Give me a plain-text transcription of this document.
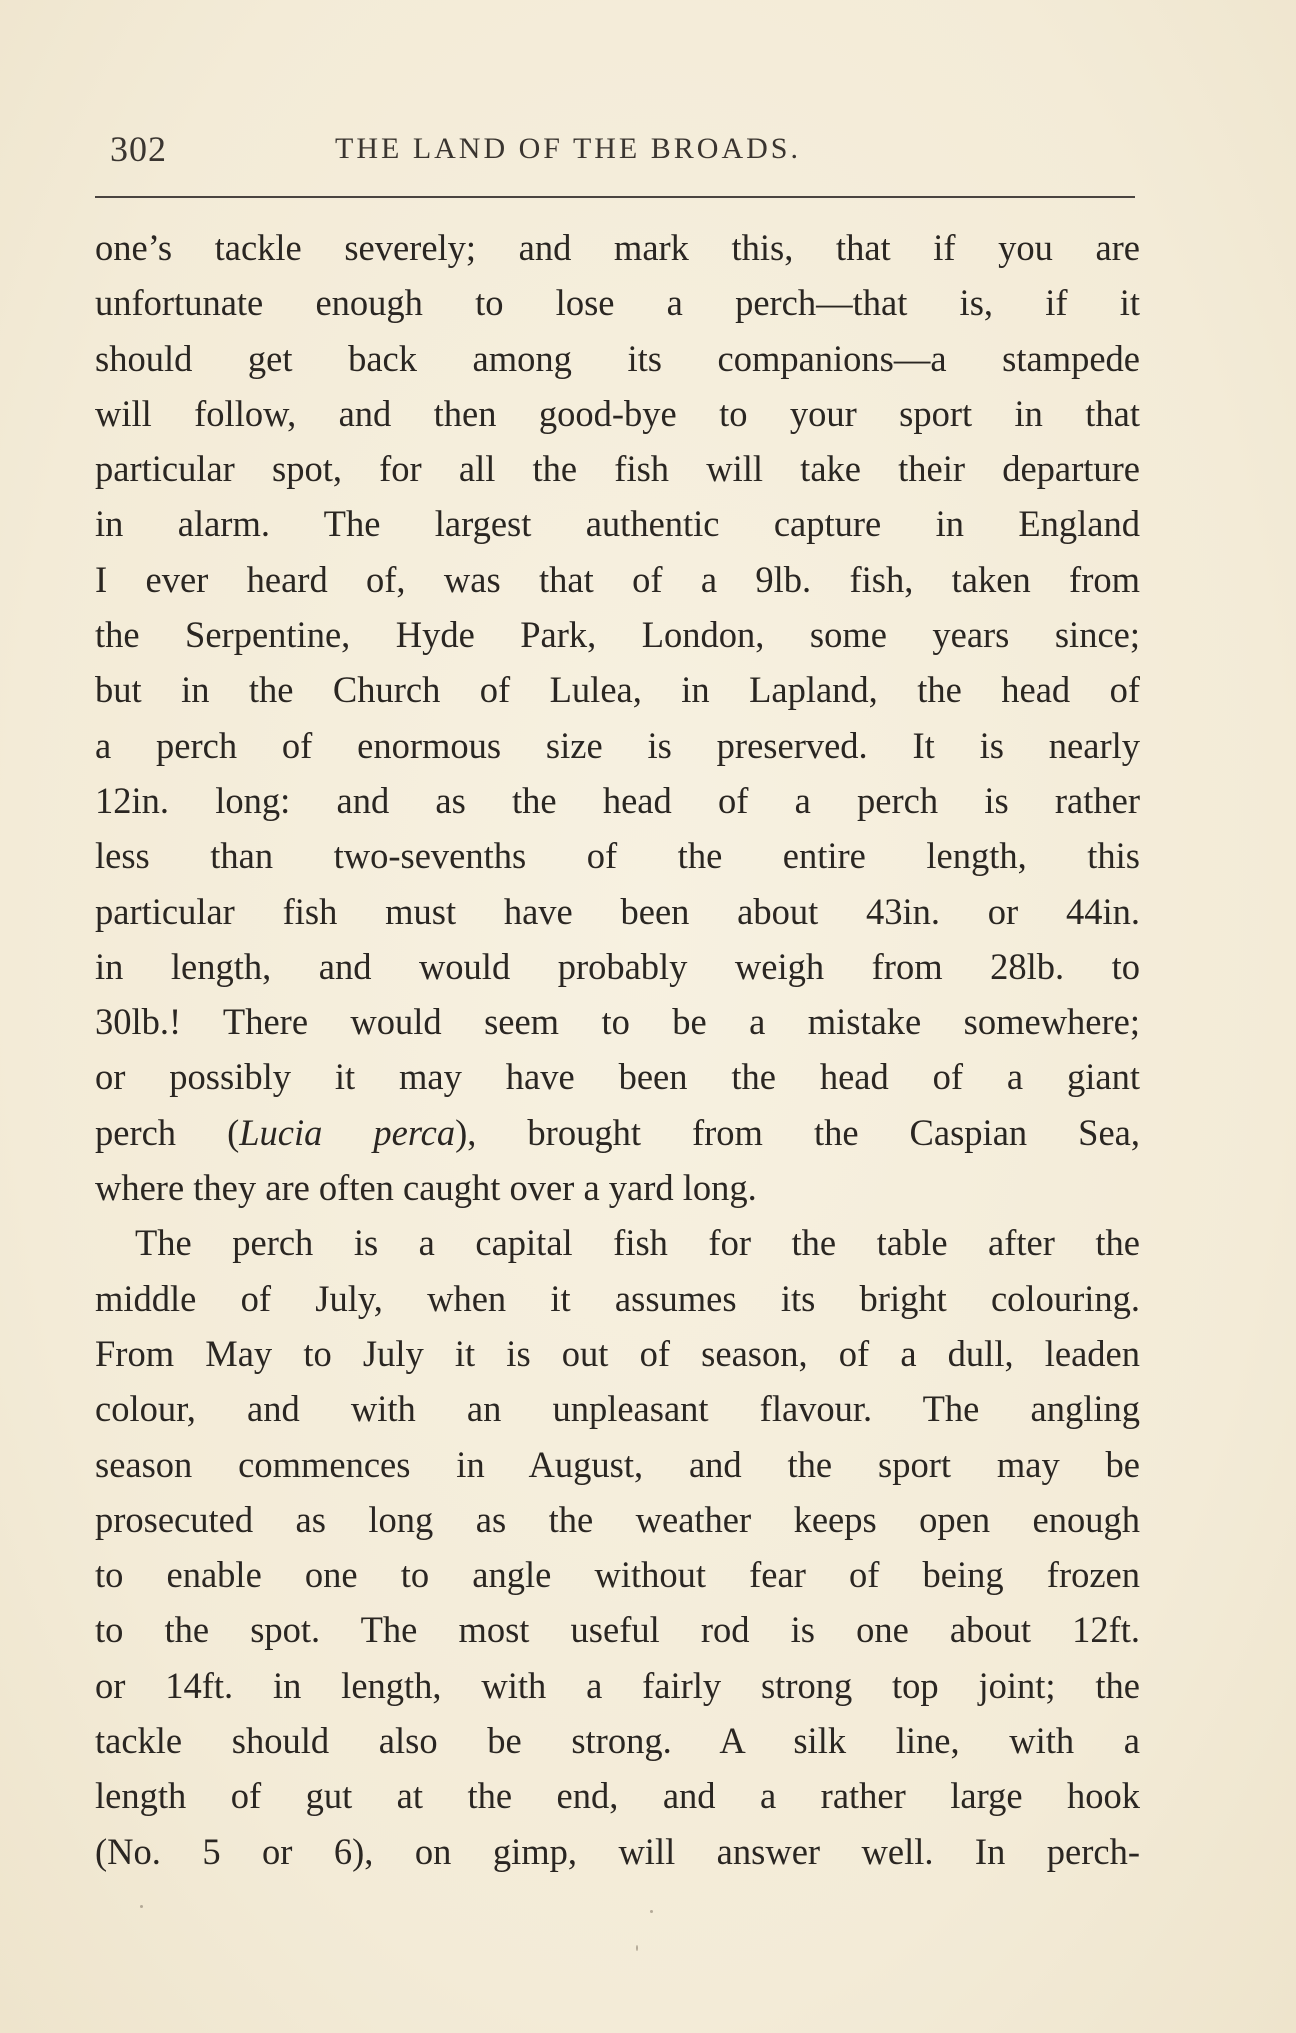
302	THE LAND OF THE BROADS.
one’s tackle severely; and mark this, that if you are
unfortunate enough to lose a perch—that is, if it
should get back among its companions—a stampede
will follow, and then good-bye to your sport in that
particular spot, for all the fish will take their departure
in alarm. The largest authentic capture in England
I ever heard of, was that of a 9lb. fish, taken from
the Serpentine, Hyde Park, London, some years since;
but in the Church of Lulea, in Lapland, the head of
a perch of enormous size is preserved. It is nearly
12in. long: and as the head of a perch is rather
less than two-sevenths of the entire length, this
particular fish must have been about 43in. or 44in.
in length, and would probably weigh from 28lb. to
30lb.! There would seem to be a mistake somewhere;
or possibly it may have been the head of a giant
perch (Lucia perca), brought from the Caspian Sea,
where they are often caught over a yard long.
The perch is a capital fish for the table after the
middle of July, when it assumes its bright colouring.
From May to July it is out of season, of a dull, leaden
colour, and with an unpleasant flavour. The angling
season commences in August, and the sport may be
prosecuted as long as the weather keeps open enough
to enable one to angle without fear of being frozen
to the spot. The most useful rod is one about 12ft.
or 14ft. in length, with a fairly strong top joint; the
tackle should also be strong. A silk line, with a
length of gut at the end, and a rather large hook
(No. 5 or 6), on gimp, will answer well. In perch-
